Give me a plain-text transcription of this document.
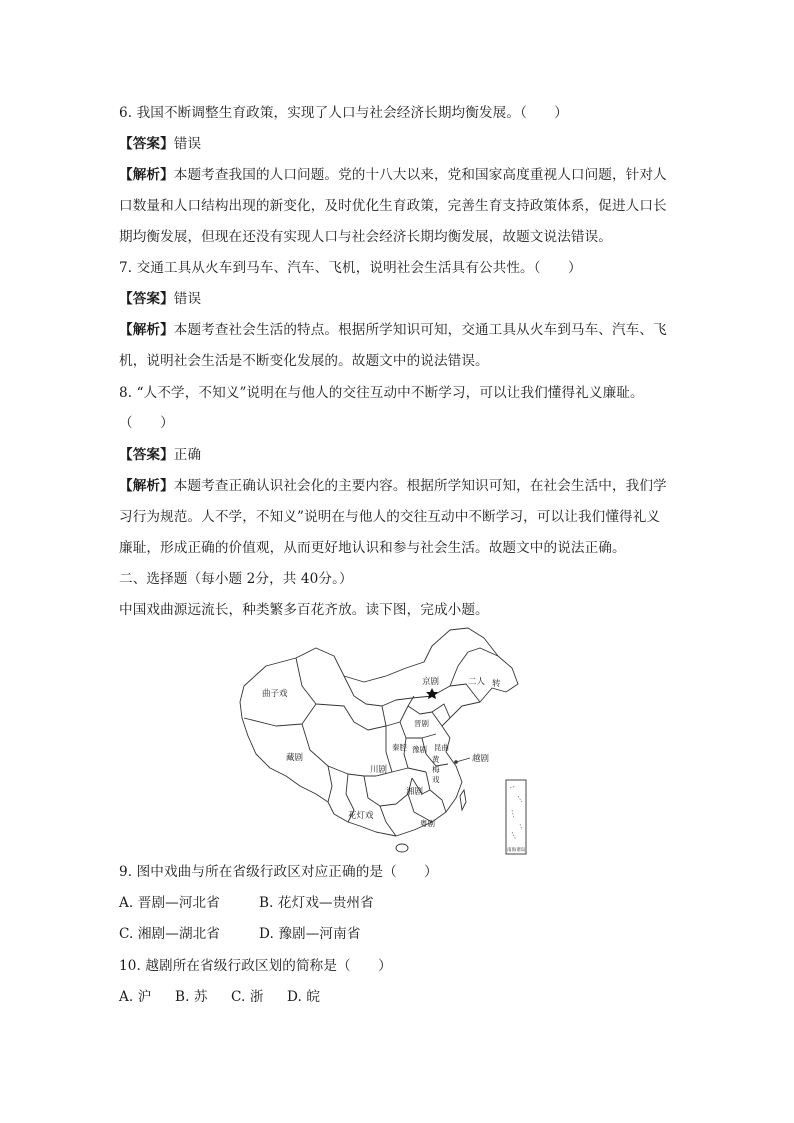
6. 我国不断调整生育政策，实现了人口与社会经济长期均衡发展。（　　）
【答案】错误
【解析】本题考查我国的人口问题。党的十八大以来，党和国家高度重视人口问题，针对人
口数量和人口结构出现的新变化，及时优化生育政策，完善生育支持政策体系，促进人口长
期均衡发展，但现在还没有实现人口与社会经济长期均衡发展，故题文说法错误。
7. 交通工具从火车到马车、汽车、飞机，说明社会生活具有公共性。（　　）
【答案】错误
【解析】本题考查社会生活的特点。根据所学知识可知，交通工具从火车到马车、汽车、飞
机，说明社会生活是不断变化发展的。故题文中的说法错误。
8. “人不学，不知义”说明在与他人的交往互动中不断学习，可以让我们懂得礼义廉耻。
（　　）
【答案】正确
【解析】本题考查正确认识社会化的主要内容。根据所学知识可知，在社会生活中，我们学
习行为规范。人不学，不知义”说明在与他人的交往互动中不断学习，可以让我们懂得礼义
廉耻，形成正确的价值观，从而更好地认识和参与社会生活。故题文中的说法正确。
二、选择题（每小题 2分，共 40分。）
中国戏曲源远流长，种类繁多百花齐放。读下图，完成小题。
曲子戏
二人 转
京剧
晋剧
秦腔 豫剧 昆曲
黄
梅
戏
越剧
藏剧
川剧
湘剧
花灯戏
粤剧
南海诸岛
9. 图中戏曲与所在省级行政区对应正确的是（　　）
A. 晋剧—河北省	B. 花灯戏—贵州省
C. 湘剧—湖北省	D. 豫剧—河南省
10. 越剧所在省级行政区划的简称是（　　）
A. 沪 B. 苏 C. 浙 D. 皖
